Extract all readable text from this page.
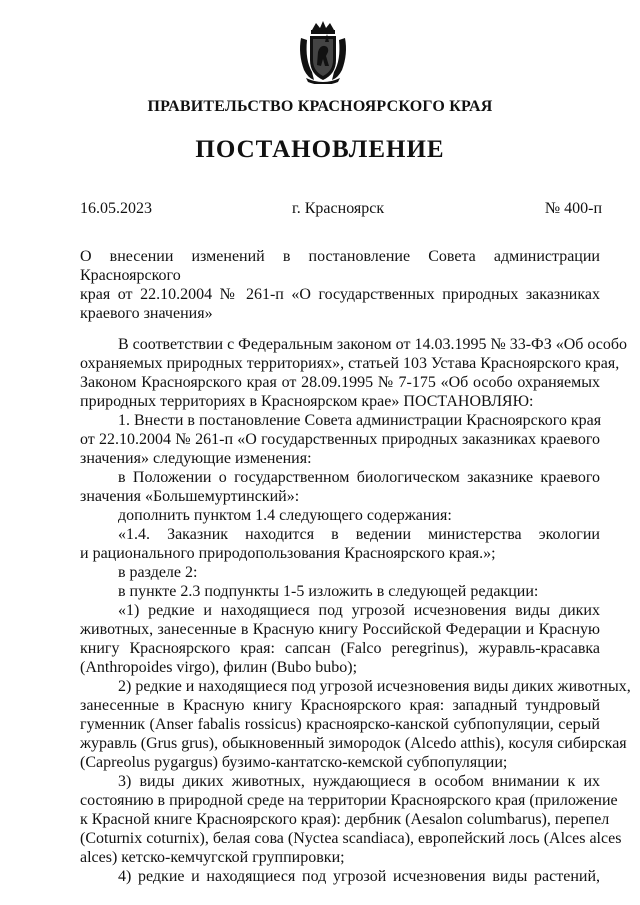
ПРАВИТЕЛЬСТВО КРАСНОЯРСКОГО КРАЯ
ПОСТАНОВЛЕНИЕ
16.05.2023	г. Красноярск	№ 400-п
О внесении изменений в постановление Совета администрации Красноярского
края от 22.10.2004 № 261-п «О государственных природных заказниках
краевого значения»
В соответствии с Федеральным законом от 14.03.1995 № 33-ФЗ «Об особо
охраняемых природных территориях», статьей 103 Устава Красноярского края,
Законом Красноярского края от 28.09.1995 № 7-175 «Об особо охраняемых
природных территориях в Красноярском крае» ПОСТАНОВЛЯЮ:
1. Внести в постановление Совета администрации Красноярского края
от 22.10.2004 № 261-п «О государственных природных заказниках краевого
значения» следующие изменения:
в Положении о государственном биологическом заказнике краевого
значения «Большемуртинский»:
дополнить пунктом 1.4 следующего содержания:
«1.4. Заказник находится в ведении министерства экологии
и рационального природопользования Красноярского края.»;
в разделе 2:
в пункте 2.3 подпункты 1-5 изложить в следующей редакции:
«1) редкие и находящиеся под угрозой исчезновения виды диких
животных, занесенные в Красную книгу Российской Федерации и Красную
книгу Красноярского края: сапсан (Falco peregrinus), журавль-красавка
(Anthropoides virgo), филин (Bubo bubo);
2) редкие и находящиеся под угрозой исчезновения виды диких животных,
занесенные в Красную книгу Красноярского края: западный тундровый
гуменник (Anser fabalis rossicus) красноярско-канской субпопуляции, серый
журавль (Grus grus), обыкновенный зимородок (Alcedo atthis), косуля сибирская
(Capreolus pygargus) бузимо-кантатско-кемской субпопуляции;
3) виды диких животных, нуждающиеся в особом внимании к их
состоянию в природной среде на территории Красноярского края (приложение
к Красной книге Красноярского края): дербник (Aesalon columbarus), перепел
(Coturnix coturnix), белая сова (Nyctea scandiaca), европейский лось (Alces alces
alces) кетско-кемчугской группировки;
4) редкие и находящиеся под угрозой исчезновения виды растений,
